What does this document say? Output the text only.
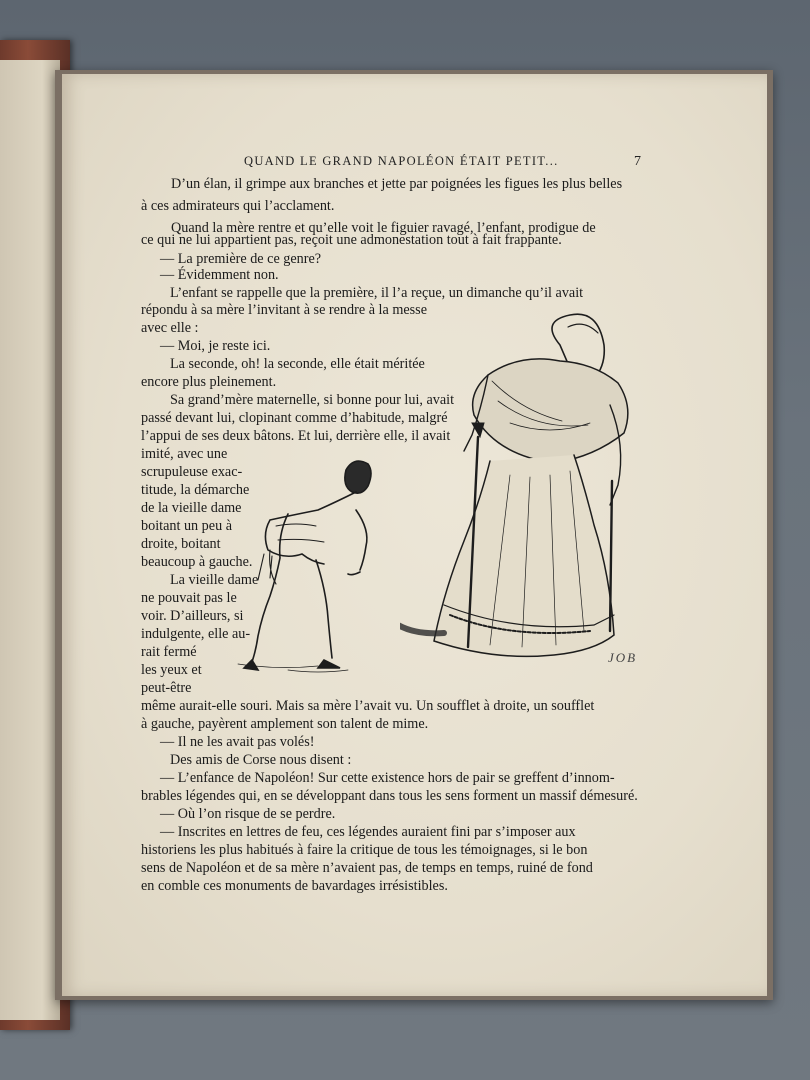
QUAND LE GRAND NAPOLÉON ÉTAIT PETIT...	7

D’un élan, il grimpe aux branches et jette par poignées les figues les plus belles

à ces admirateurs qui l’acclament.

Quand la mère rentre et qu’elle voit le figuier ravagé, l’enfant, prodigue de

ce qui ne lui appartient pas, reçoit une admonestation tout à fait frappante.

— La première de ce genre?

— Évidemment non.

L’enfant se rappelle que la première, il l’a reçue, un dimanche qu’il avait

répondu à sa mère l’invitant à se rendre à la messe

avec elle :

— Moi, je reste ici.

La seconde, oh! la seconde, elle était méritée

encore plus pleinement.

Sa grand’mère maternelle, si bonne pour lui, avait

passé devant lui, clopinant comme d’habitude, malgré

l’appui de ses deux bâtons. Et lui, derrière elle, il avait

imité, avec une

scrupuleuse exac-

titude, la démarche

de la vieille dame

boitant un peu à

droite, boitant

beaucoup à gauche.

La vieille dame

ne pouvait pas le

voir. D’ailleurs, si

indulgente, elle au-

rait fermé

les yeux et

peut-être

même aurait-elle souri. Mais sa mère l’avait vu. Un soufflet à droite, un soufflet

à gauche, payèrent amplement son talent de mime.

— Il ne les avait pas volés!

Des amis de Corse nous disent :

— L’enfance de Napoléon! Sur cette existence hors de pair se greffent d’innom-

brables légendes qui, en se développant dans tous les sens forment un massif démesuré.

— Où l’on risque de se perdre.

— Inscrites en lettres de feu, ces légendes auraient fini par s’imposer aux

historiens les plus habitués à faire la critique de tous les témoignages, si le bon

sens de Napoléon et de sa mère n’avaient pas, de temps en temps, ruiné de fond

en comble ces monuments de bavardages irrésistibles.

JOB
